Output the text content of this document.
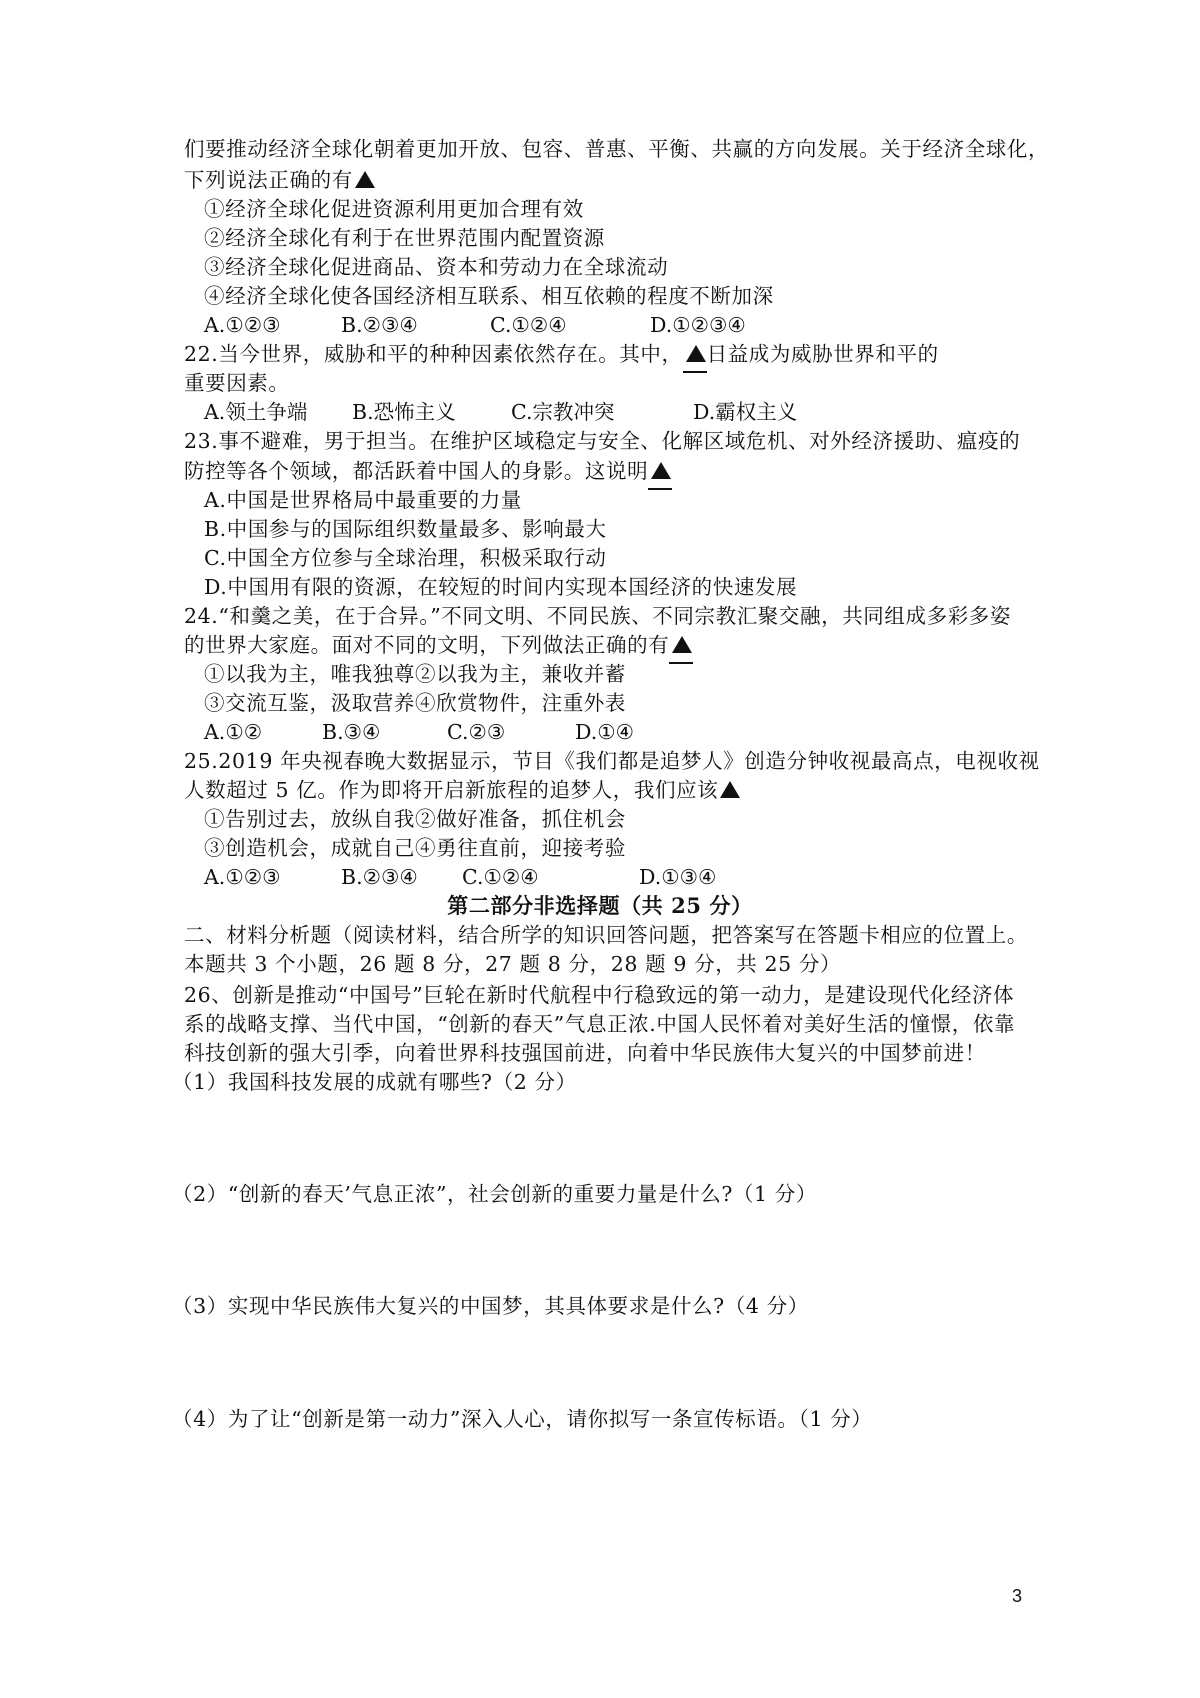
们要推动经济全球化朝着更加开放、包容、普惠、平衡、共赢的方向发展。关于经济全球化，
下列说法正确的有
①经济全球化促进资源利用更加合理有效
②经济全球化有利于在世界范围内配置资源
③经济全球化促进商品、资本和劳动力在全球流动
④经济全球化使各国经济相互联系、相互依赖的程度不断加深
A.①②③	B.②③④	C.①②④	D.①②③④
22.当今世界，威胁和平的种种因素依然存在。其中， 日益成为威胁世界和平的
重要因素。
A.领土争端 B.恐怖主义	C.宗教冲突	D.霸权主义
23.事不避难，男于担当。在维护区域稳定与安全、化解区域危机、对外经济援助、瘟疫的
防控等各个领域，都活跃着中国人的身影。这说明
A.中国是世界格局中最重要的力量
B.中国参与的国际组织数量最多、影响最大
C.中国全方位参与全球治理，积极采取行动
D.中国用有限的资源，在较短的时间内实现本国经济的快速发展
24.“和羹之美，在于合异。”不同文明、不同民族、不同宗教汇聚交融，共同组成多彩多姿
的世界大家庭。面对不同的文明，下列做法正确的有
①以我为主，唯我独尊②以我为主，兼收并蓄
③交流互鉴，汲取营养④欣赏物件，注重外表
A.①②	B.③④	C.②③	D.①④
25.2019 年央视春晚大数据显示，节目《我们都是追梦人》创造分钟收视最高点，电视收视
人数超过 5 亿。作为即将开启新旅程的追梦人，我们应该
①告别过去，放纵自我②做好准备，抓住机会
③创造机会，成就自己④勇往直前，迎接考验
A.①②③	B.②③④ C.①②④	D.①③④
第二部分非选择题（共 25 分）
二、材料分析题（阅读材料，结合所学的知识回答问题，把答案写在答题卡相应的位置上。
本题共 3 个小题，26 题 8 分，27 题 8 分，28 题 9 分，共 25 分）
26、创新是推动“中国号”巨轮在新时代航程中行稳致远的第一动力，是建设现代化经济体
系的战略支撑、当代中国，“创新的春天”气息正浓.中国人民怀着对美好生活的憧憬，依靠
科技创新的强大引季，向着世界科技强国前进，向着中华民族伟大复兴的中国梦前进！
（1）我国科技发展的成就有哪些?（2 分）
（2）“创新的春天’气息正浓”，社会创新的重要力量是什么?（1 分）
（3）实现中华民族伟大复兴的中国梦，其具体要求是什么?（4 分）
（4）为了让“创新是第一动力”深入人心，请你拟写一条宣传标语。（1 分）
3
